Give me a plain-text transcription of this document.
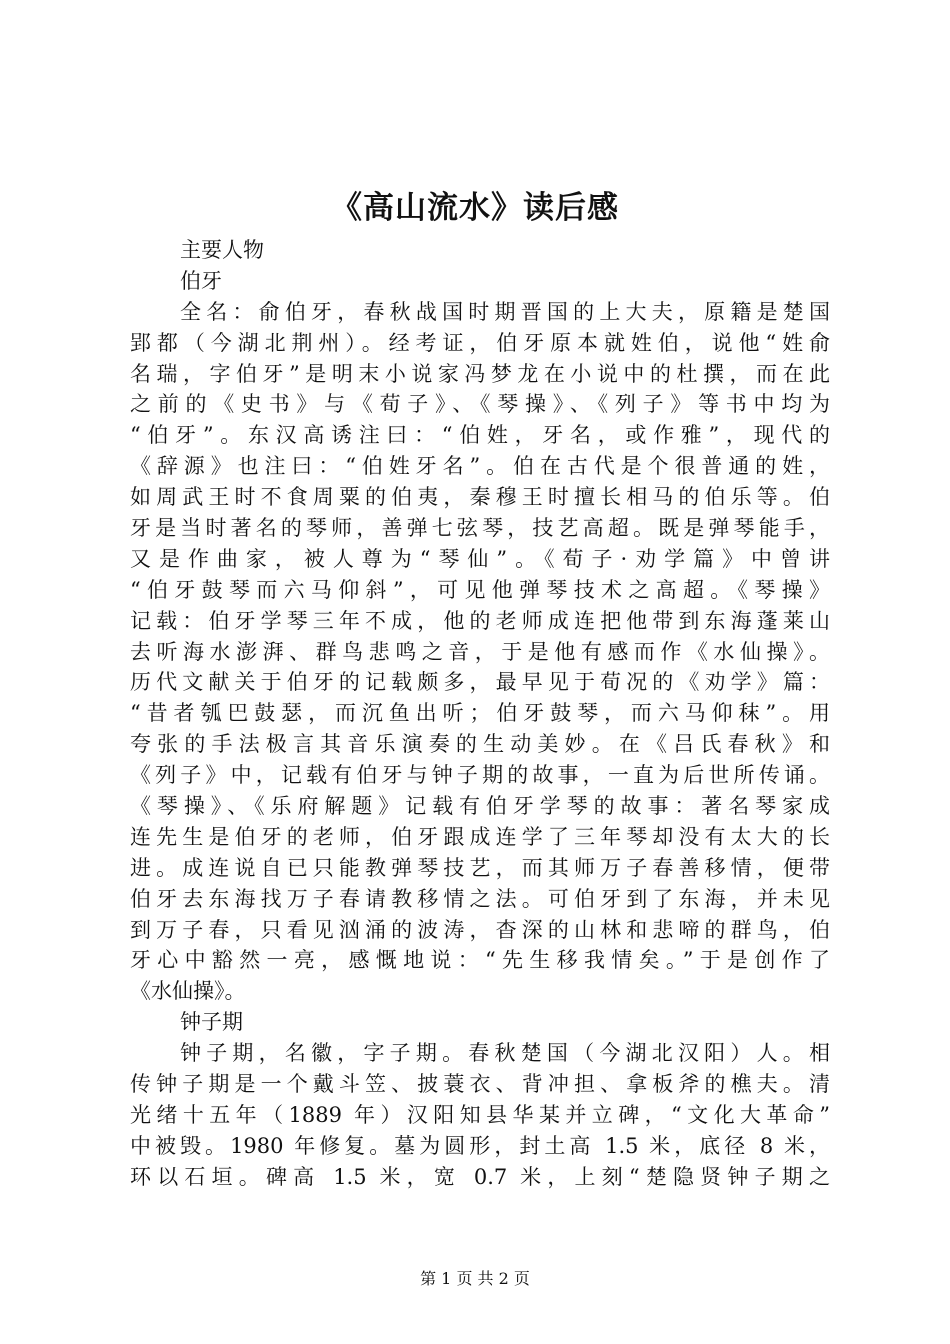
《高山流水》读后感
主要人物
伯牙
全名：俞伯牙，春秋战国时期晋国的上大夫，原籍是楚国
郢都（今湖北荆州）。经考证，伯牙原本就姓伯，说他“姓俞
名瑞，字伯牙”是明末小说家冯梦龙在小说中的杜撰，而在此
之前的《史书》与《荀子》、《琴操》、《列子》等书中均为
“伯牙”。东汉高诱注曰：“伯姓，牙名，或作雅”，现代的
《辞源》也注曰：“伯姓牙名”。伯在古代是个很普通的姓，
如周武王时不食周粟的伯夷，秦穆王时擅长相马的伯乐等。伯
牙是当时著名的琴师，善弹七弦琴，技艺高超。既是弹琴能手，
又是作曲家，被人尊为“琴仙”。《荀子·劝学篇》中曾讲
“伯牙鼓琴而六马仰斜”，可见他弹琴技术之高超。《琴操》
记载：伯牙学琴三年不成，他的老师成连把他带到东海蓬莱山
去听海水澎湃、群鸟悲鸣之音，于是他有感而作《水仙操》。
历代文献关于伯牙的记载颇多，最早见于荀况的《劝学》篇：
“昔者瓠巴鼓瑟，而沉鱼出听；伯牙鼓琴，而六马仰秣”。用
夸张的手法极言其音乐演奏的生动美妙。在《吕氏春秋》和
《列子》中，记载有伯牙与钟子期的故事，一直为后世所传诵。
《琴操》、《乐府解题》记载有伯牙学琴的故事：著名琴家成
连先生是伯牙的老师，伯牙跟成连学了三年琴却没有太大的长
进。成连说自已只能教弹琴技艺，而其师万子春善移情，便带
伯牙去东海找万子春请教移情之法。可伯牙到了东海，并未见
到万子春，只看见汹涌的波涛，杳深的山林和悲啼的群鸟，伯
牙心中豁然一亮，感慨地说：“先生移我情矣。”于是创作了
《水仙操》。
钟子期
钟子期，名徽，字子期。春秋楚国（今湖北汉阳）人。相
传钟子期是一个戴斗笠、披蓑衣、背冲担、拿板斧的樵夫。清
光绪十五年（1889 年）汉阳知县华某并立碑，“文化大革命”
中被毁。1980 年修复。墓为圆形，封土高 1.5 米，底径 8 米，
环以石垣。碑高 1.5 米，宽 0.7 米，上刻“楚隐贤钟子期之
第 1 页 共 2 页
